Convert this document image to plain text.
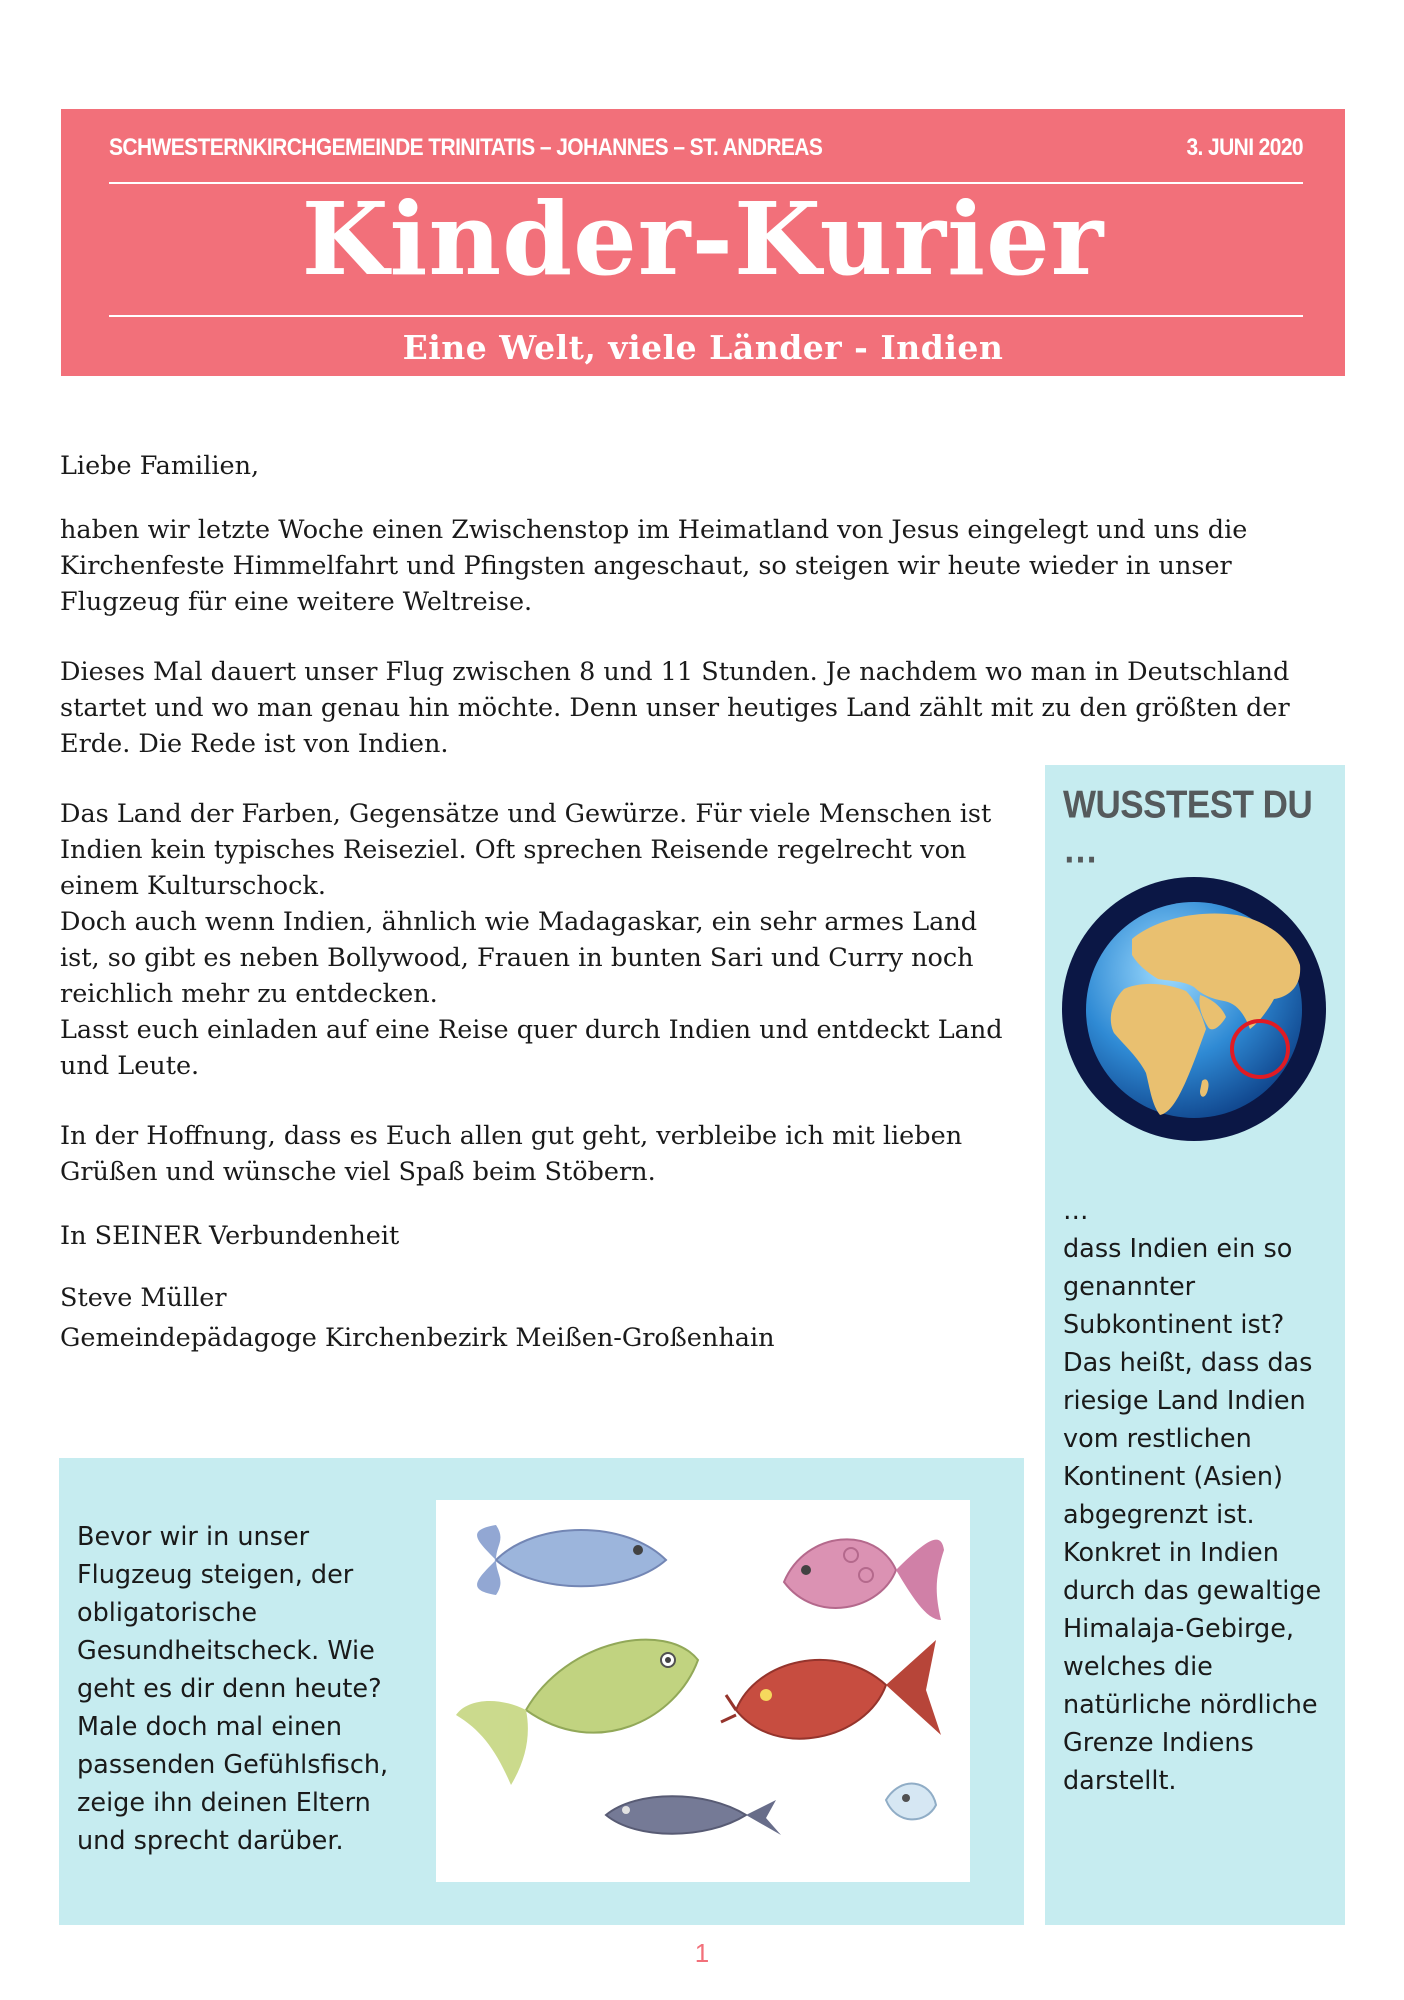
SCHWESTERNKIRCHGEMEINDE TRINITATIS – JOHANNES – ST. ANDREAS	3. JUNI 2020
Kinder-Kurier
Eine Welt, viele Länder - Indien

Liebe Familien,

haben wir letzte Woche einen Zwischenstop im Heimatland von Jesus eingelegt und uns die Kirchenfeste Himmelfahrt und Pfingsten angeschaut, so steigen wir heute wieder in unser Flugzeug für eine weitere Weltreise.

Dieses Mal dauert unser Flug zwischen 8 und 11 Stunden. Je nachdem wo man in Deutschland startet und wo man genau hin möchte. Denn unser heutiges Land zählt mit zu den größten der Erde. Die Rede ist von Indien.

Das Land der Farben, Gegensätze und Gewürze. Für viele Menschen ist Indien kein typisches Reiseziel. Oft sprechen Reisende regelrecht von einem Kulturschock.

Doch auch wenn Indien, ähnlich wie Madagaskar, ein sehr armes Land ist, so gibt es neben Bollywood, Frauen in bunten Sari und Curry noch reichlich mehr zu entdecken.

Lasst euch einladen auf eine Reise quer durch Indien und entdeckt Land und Leute.

In der Hoffnung, dass es Euch allen gut geht, verbleibe ich mit lieben Grüßen und wünsche viel Spaß beim Stöbern.

In SEINER Verbundenheit

Steve Müller

Gemeindepädagoge Kirchenbezirk Meißen-Großenhain

WUSSTEST DU …

…

dass Indien ein so genannter Subkontinent ist? Das heißt, dass das riesige Land Indien vom restlichen Kontinent (Asien) abgegrenzt ist. Konkret in Indien durch das gewaltige Himalaja-Gebirge, welches die natürliche nördliche Grenze Indiens darstellt.

Bevor wir in unser Flugzeug steigen, der obligatorische Gesundheitscheck. Wie geht es dir denn heute? Male doch mal einen passenden Gefühlsfisch, zeige ihn deinen Eltern und sprecht darüber.
1
